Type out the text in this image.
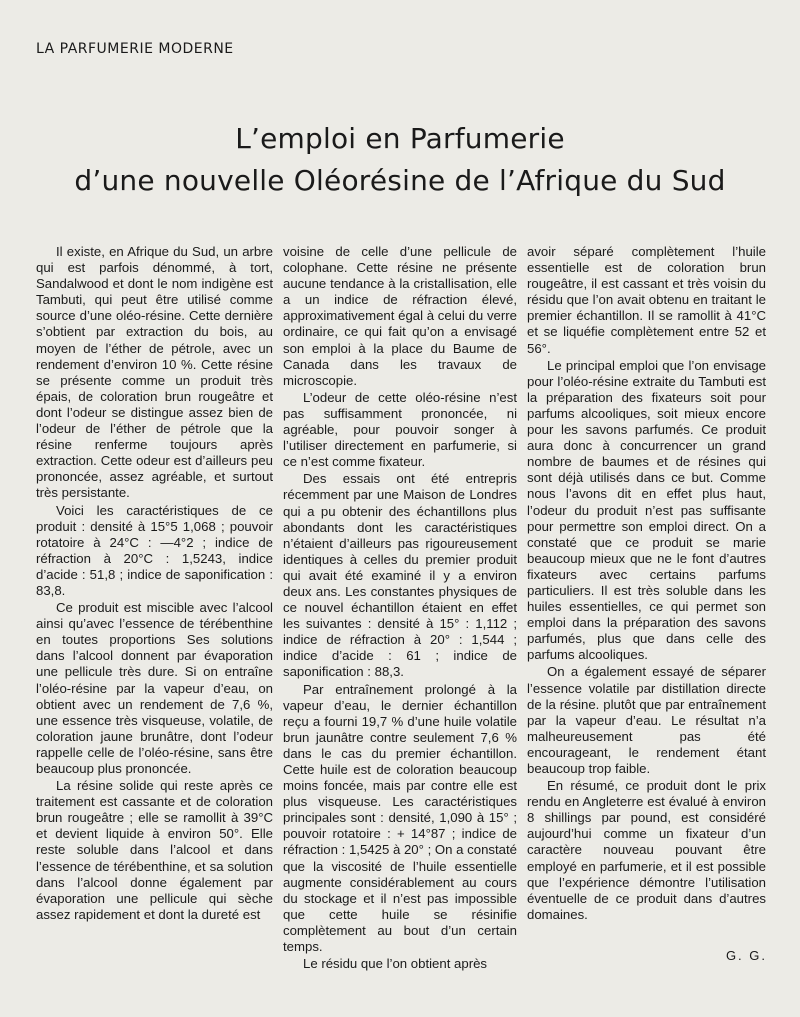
LA PARFUMERIE MODERNE
L’emploi en Parfumerie
d’une nouvelle Oléorésine de l’Afrique du Sud

Il existe, en Afrique du Sud, un arbre qui est parfois dénommé, à tort, Sandalwood et dont le nom indigène est Tambuti, qui peut être utilisé comme source d’une oléo-résine. Cette dernière s’obtient par extraction du bois, au moyen de l’éther de pétrole, avec un rendement d’environ 10 %. Cette résine se présente comme un produit très épais, de coloration brun rougeâtre et dont l’odeur se distingue assez bien de l’odeur de l’éther de pétrole que la résine renferme toujours après extraction. Cette odeur est d’ailleurs peu prononcée, assez agréable, et surtout très persistante.

Voici les caractéristiques de ce produit : densité à 15°5 1,068 ; pouvoir rotatoire à 24°C : —4°2 ; indice de réfraction à 20°C : 1,5243, indice d’acide : 51,8 ; indice de saponification : 83,8.

Ce produit est miscible avec l’alcool ainsi qu’avec l’essence de térébenthine en toutes proportions Ses solutions dans l’alcool donnent par évaporation une pellicule très dure. Si on entraîne l’oléo-résine par la vapeur d’eau, on obtient avec un rendement de 7,6 %, une essence très visqueuse, volatile, de coloration jaune brunâtre, dont l’odeur rappelle celle de l’oléo-résine, sans être beaucoup plus prononcée.

La résine solide qui reste après ce traitement est cassante et de coloration brun rougeâtre ; elle se ramollit à 39°C et devient liquide à environ 50°. Elle reste soluble dans l’alcool et dans l’essence de térébenthine, et sa solution dans l’alcool donne également par évaporation une pellicule qui sèche assez rapidement et dont la dureté est

voisine de celle d’une pellicule de colophane. Cette résine ne présente aucune tendance à la cristallisation, elle a un indice de réfraction élevé, approximativement égal à celui du verre ordinaire, ce qui fait qu’on a envisagé son emploi à la place du Baume de Canada dans les travaux de microscopie.

L’odeur de cette oléo-résine n’est pas suffisamment prononcée, ni agréable, pour pouvoir songer à l’utiliser directement en parfumerie, si ce n’est comme fixateur.

Des essais ont été entrepris récemment par une Maison de Londres qui a pu obtenir des échantillons plus abondants dont les caractéristiques n’étaient d’ailleurs pas rigoureusement identiques à celles du premier produit qui avait été examiné il y a environ deux ans. Les constantes physiques de ce nouvel échantillon étaient en effet les suivantes : densité à 15° : 1,112 ; indice de réfraction à 20° : 1,544 ; indice d’acide : 61 ; indice de saponification : 88,3.

Par entraînement prolongé à la vapeur d’eau, le dernier échantillon reçu a fourni 19,7 % d’une huile volatile brun jaunâtre contre seulement 7,6 % dans le cas du premier échantillon. Cette huile est de coloration beaucoup moins foncée, mais par contre elle est plus visqueuse. Les caractéristiques principales sont : densité, 1,090 à 15° ; pouvoir rotatoire : + 14°87 ; indice de réfraction : 1,5425 à 20° ; On a constaté que la viscosité de l’huile essentielle augmente considérablement au cours du stockage et il n’est pas impossible que cette huile se résinifie complètement au bout d’un certain temps.

Le résidu que l’on obtient après

avoir séparé complètement l’huile essentielle est de coloration brun rougeâtre, il est cassant et très voisin du résidu que l’on avait obtenu en traitant le premier échantillon. Il se ramollit à 41°C et se liquéfie complètement entre 52 et 56°.

Le principal emploi que l’on envisage pour l’oléo-résine extraite du Tambuti est la préparation des fixateurs soit pour parfums alcooliques, soit mieux encore pour les savons parfumés. Ce produit aura donc à concurrencer un grand nombre de baumes et de résines qui sont déjà utilisés dans ce but. Comme nous l’avons dit en effet plus haut, l’odeur du produit n’est pas suffisante pour permettre son emploi direct. On a constaté que ce produit se marie beaucoup mieux que ne le font d’autres fixateurs avec certains parfums particuliers. Il est très soluble dans les huiles essentielles, ce qui permet son emploi dans la préparation des savons parfumés, plus que dans celle des parfums alcooliques.

On a également essayé de séparer l’essence volatile par distillation directe de la résine. plutôt que par entraînement par la vapeur d’eau. Le résultat n’a malheureusement pas été encourageant, le rendement étant beaucoup trop faible.

En résumé, ce produit dont le prix rendu en Angleterre est évalué à environ 8 shillings par pound, est considéré aujourd’hui comme un fixateur d’un caractère nouveau pouvant être employé en parfumerie, et il est possible que l’expérience démontre l’utilisation éventuelle de ce produit dans d’autres domaines.

G. G.
